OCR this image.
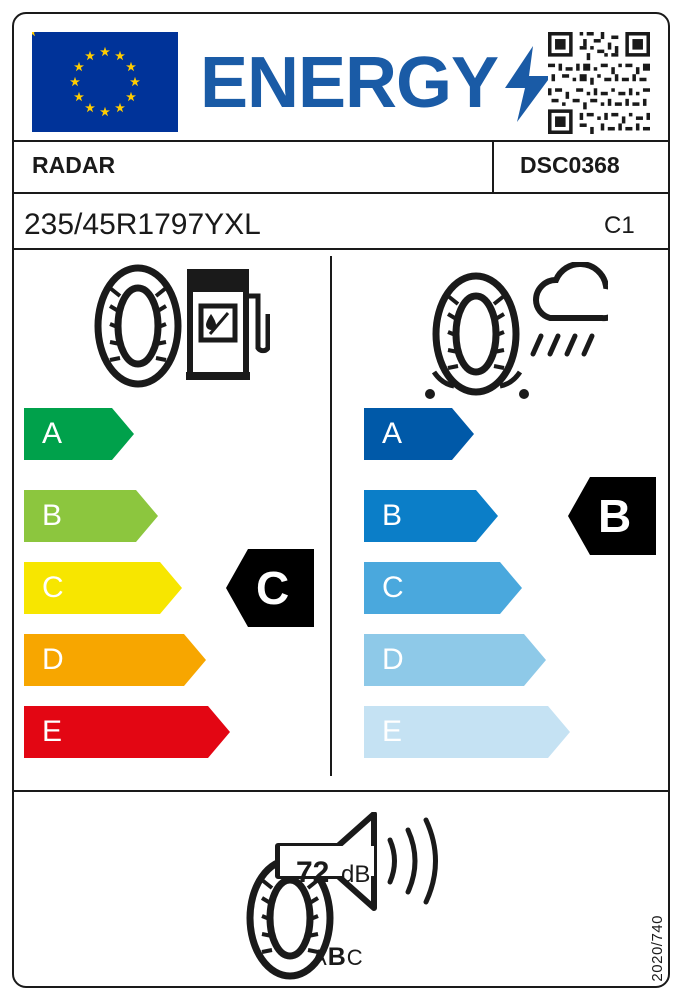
ENERGY
RADAR	DSC0368
235/45R1797YXL	C1
A
B
C
D
E
C
A
B
C
D
E
B
72 dB
ABC	2020/740
